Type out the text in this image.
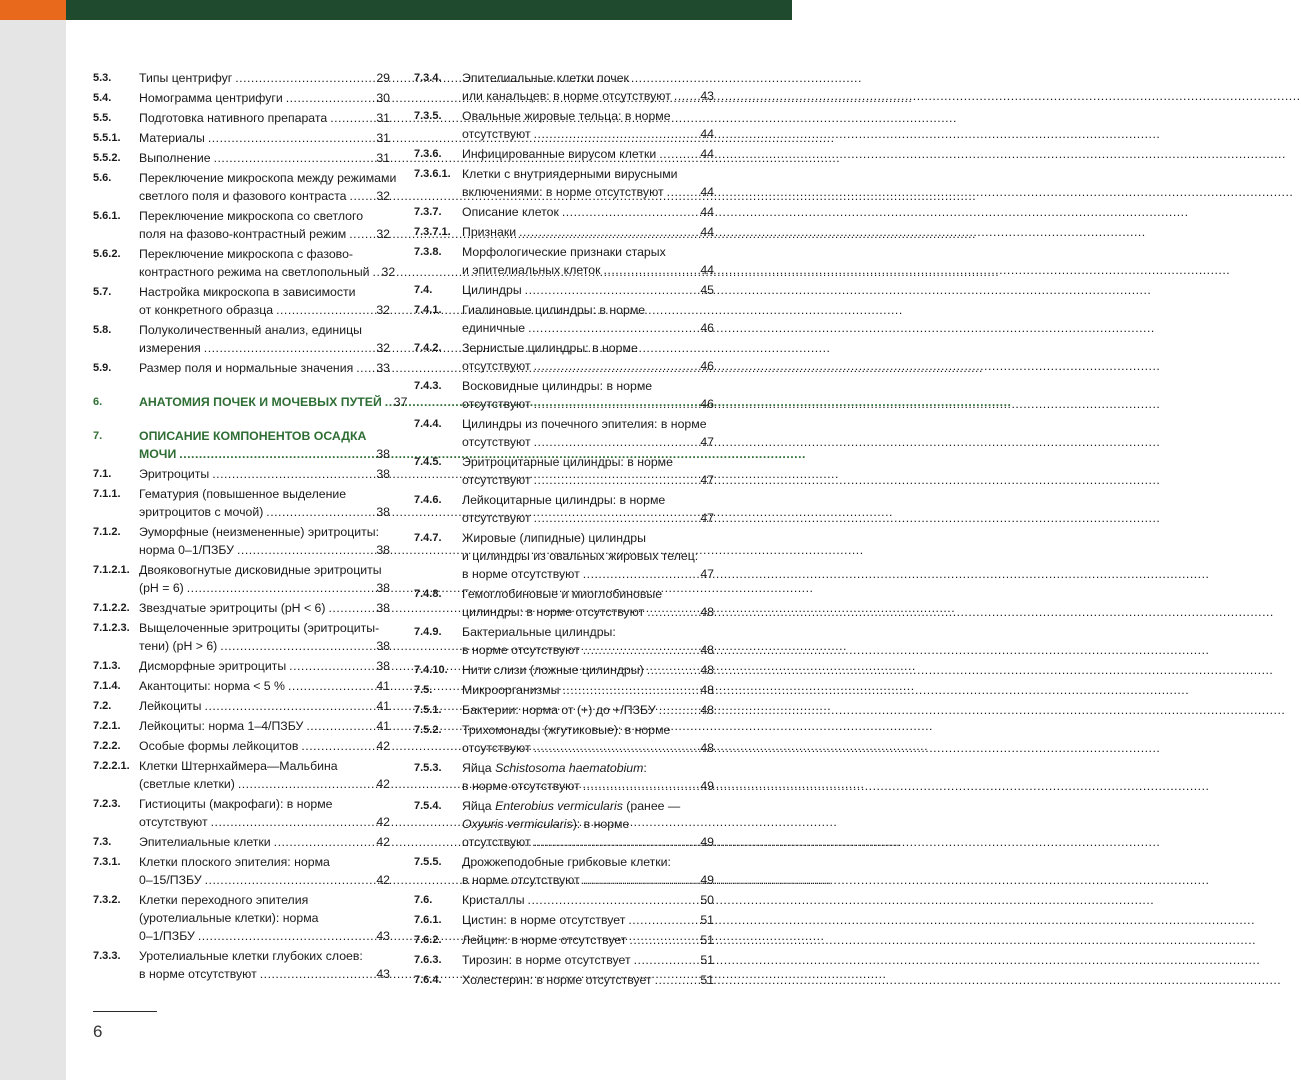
5.3.	Типы центрифуг .....	29
5.4.	Номограмма центрифуги .....	30
5.5.	Подготовка нативного препарата .....	31
5.5.1.	Материалы .....	31
5.5.2.	Выполнение .....	31
5.6.	Переключение микроскопа между режимами
светлого поля и фазового контраста ..... 32
5.6.1.	Переключение микроскопа со светлого
поля на фазово-контрастный режим ..... 32
5.6.2.	Переключение микроскопа с фазово-
контрастного режима на светлопольный ..... 32
5.7.	Настройка микроскопа в зависимости
от конкретного образца .....	32
5.8.	Полуколичественный анализ, единицы
измерения .....	32
5.9.	Размер поля и нормальные значения ..... 33
6.	АНАТОМИЯ ПОЧЕК И МОЧЕВЫХ ПУТЕЙ ..... 37
7.	ОПИСАНИЕ КОМПОНЕНТОВ ОСАДКА
МОЧИ .....	38
7.1.	Эритроциты .....	38
7.1.1.	Гематурия (повышенное выделение
эритроцитов с мочой) .....	38
7.1.2.	Эуморфные (неизмененные) эритроциты:
норма 0–1/ПЗБУ .....	38
7.1.2.1. Двояковогнутые дисковидные эритроциты
(pH = 6) .....	38
7.1.2.2. Звездчатые эритроциты (pH < 6) .....	38
7.1.2.3. Выщелоченные эритроциты (эритроциты-
тени) (pH > 6) .....	38
7.1.3.	Дисморфные эритроциты .....	38
7.1.4.	Акантоциты: норма < 5 % .....	41
7.2.	Лейкоциты .....	41
7.2.1.	Лейкоциты: норма 1–4/ПЗБУ .....	41
7.2.2.	Особые формы лейкоцитов .....	42
7.2.2.1. Клетки Штернхаймера—Мальбина
(светлые клетки) .....	42
7.2.3.	Гистиоциты (макрофаги): в норме
отсутствуют .....	42
7.3.	Эпителиальные клетки .....	42
7.3.1.	Клетки плоского эпителия: норма
0–15/ПЗБУ .....	42
7.3.2.	Клетки переходного эпителия
(уротелиальные клетки): норма
0–1/ПЗБУ .....	43
7.3.3.	Уротелиальные клетки глубоких слоев:
в норме отсутствуют .....	43
7.3.4.	Эпителиальные клетки почек
или канальцев: в норме отсутствуют ..... 43
7.3.5.	Овальные жировые тельца: в норме
отсутствуют .....	44
7.3.6.	Инфицированные вирусом клетки .....	44
7.3.6.1. Клетки с внутриядерными вирусными
включениями: в норме отсутствуют .....	44
7.3.7.	Описание клеток .....	44
7.3.7.1. Признаки .....	44
7.3.8.	Морфологические признаки старых
и эпителиальных клеток .....	44
7.4.	Цилиндры .....	45
7.4.1.	Гиалиновые цилиндры: в норме
единичные .....	46
7.4.2.	Зернистые цилиндры: в норме
отсутствуют .....	46
7.4.3.	Восковидные цилиндры: в норме
отсутствуют .....	46
7.4.4.	Цилиндры из почечного эпителия: в норме
отсутствуют .....	47
7.4.5.	Эритроцитарные цилиндры: в норме
отсутствуют .....	47
7.4.6.	Лейкоцитарные цилиндры: в норме
отсутствуют .....	47
7.4.7.	Жировые (липидные) цилиндры
и цилиндры из овальных жировых телец:
в норме отсутствуют .....	47
7.4.8.	Гемоглобиновые и миоглобиновые
цилиндры: в норме отсутствуют .....	48
7.4.9.	Бактериальные цилиндры:
в норме отсутствуют .....	48
7.4.10.	Нити слизи (ложные цилиндры) .....	48
7.5.	Микроорганизмы .....	48
7.5.1.	Бактерии: норма от (+) до +/ПЗБУ .....	48
7.5.2.	Трихомонады (жгутиковые): в норме
отсутствуют .....	48
7.5.3.	Яйца Schistosoma haematobium:
в норме отсутствуют .....	49
7.5.4.	Яйца Enterobius vermicularis (ранее —
Oxyuris vermicularis): в норме
отсутствуют .....	49
7.5.5.	Дрожжеподобные грибковые клетки:
в норме отсутствуют .....	49
7.6.	Кристаллы .....	50
7.6.1.	Цистин: в норме отсутствует .....	51
7.6.2.	Лейцин: в норме отсутствует .....	51
7.6.3.	Тирозин: в норме отсутствует .....	51
7.6.4.	Холестерин: в норме отсутствует .....	51
6
